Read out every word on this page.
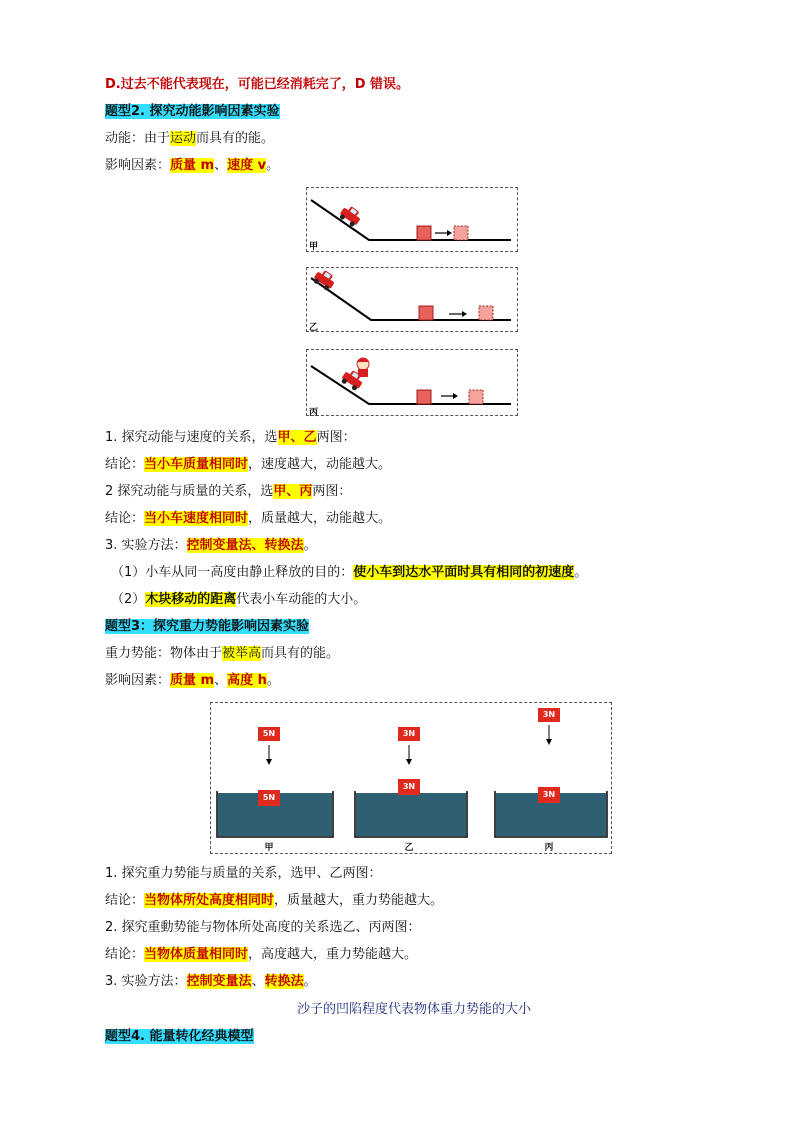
D.过去不能代表现在，可能已经消耗完了，D 错误。
题型2. 探究动能影响因素实验
动能：由于运动而具有的能。
影响因素：质量 m、速度 v。
甲
乙
丙
1. 探究动能与速度的关系，选甲、乙两图：
结论：当小车质量相同时，速度越大，动能越大。
2 探究动能与质量的关系，选甲、丙两图：
结论：当小车速度相同时，质量越大，动能越大。
3. 实验方法：控制变量法、转换法。
（1）小车从同一高度由静止释放的目的：使小车到达水平面时具有相同的初速度。
（2）木块移动的距离代表小车动能的大小。
题型3：探究重力势能影响因素实验
重力势能：物体由于被举高而具有的能。
影响因素：质量 m、高度 h。
5N	3N
3N
5N
3N
3N
甲	乙	丙
1. 探究重力势能与质量的关系，选甲、乙两图：
结论：当物体所处高度相同时，质量越大，重力势能越大。
2. 探究重動势能与物体所处高度的关系选乙、丙两图：
结论：当物体质量相同时，高度越大，重力势能越大。
3. 实验方法：控制变量法、转换法。
沙子的凹陷程度代表物体重力势能的大小
题型4. 能量转化经典模型
